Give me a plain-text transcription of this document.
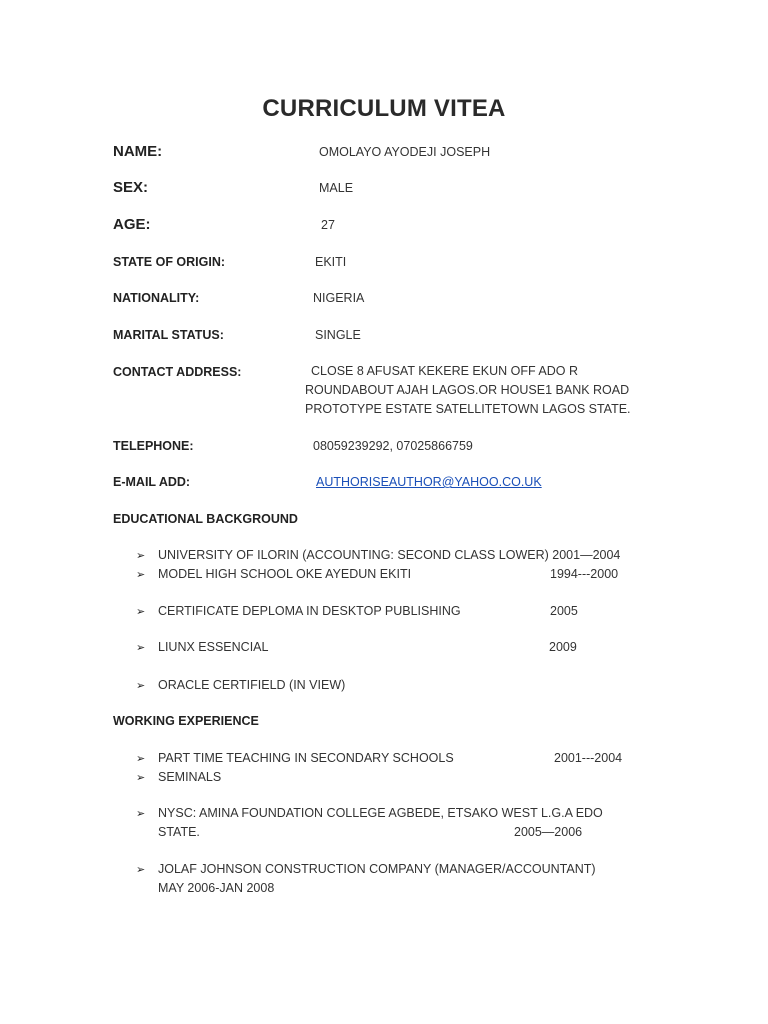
CURRICULUM VITEA
NAME:	OMOLAYO AYODEJI JOSEPH
SEX:	MALE
AGE:	27
STATE OF ORIGIN:	EKITI
NATIONALITY:	NIGERIA
MARITAL STATUS:	SINGLE
CONTACT ADDRESS:	CLOSE 8 AFUSAT KEKERE EKUN OFF ADO R
ROUNDABOUT AJAH LAGOS.OR HOUSE1 BANK ROAD
PROTOTYPE ESTATE SATELLITETOWN LAGOS STATE.
TELEPHONE:	08059239292, 07025866759
E-MAIL ADD:	AUTHORISEAUTHOR@YAHOO.CO.UK
EDUCATIONAL BACKGROUND
➢ UNIVERSITY OF ILORIN (ACCOUNTING: SECOND CLASS LOWER) 2001—2004
➢ MODEL HIGH SCHOOL OKE AYEDUN EKITI	1994---2000
➢ CERTIFICATE DEPLOMA IN DESKTOP PUBLISHING	2005
➢ LIUNX ESSENCIAL	2009
➢ ORACLE CERTIFIELD (IN VIEW)
WORKING EXPERIENCE
➢ PART TIME TEACHING IN SECONDARY SCHOOLS	2001---2004
➢ SEMINALS
➢ NYSC: AMINA FOUNDATION COLLEGE AGBEDE, ETSAKO WEST L.G.A EDO
STATE.	2005—2006
➢ JOLAF JOHNSON CONSTRUCTION COMPANY (MANAGER/ACCOUNTANT)
MAY 2006-JAN 2008
